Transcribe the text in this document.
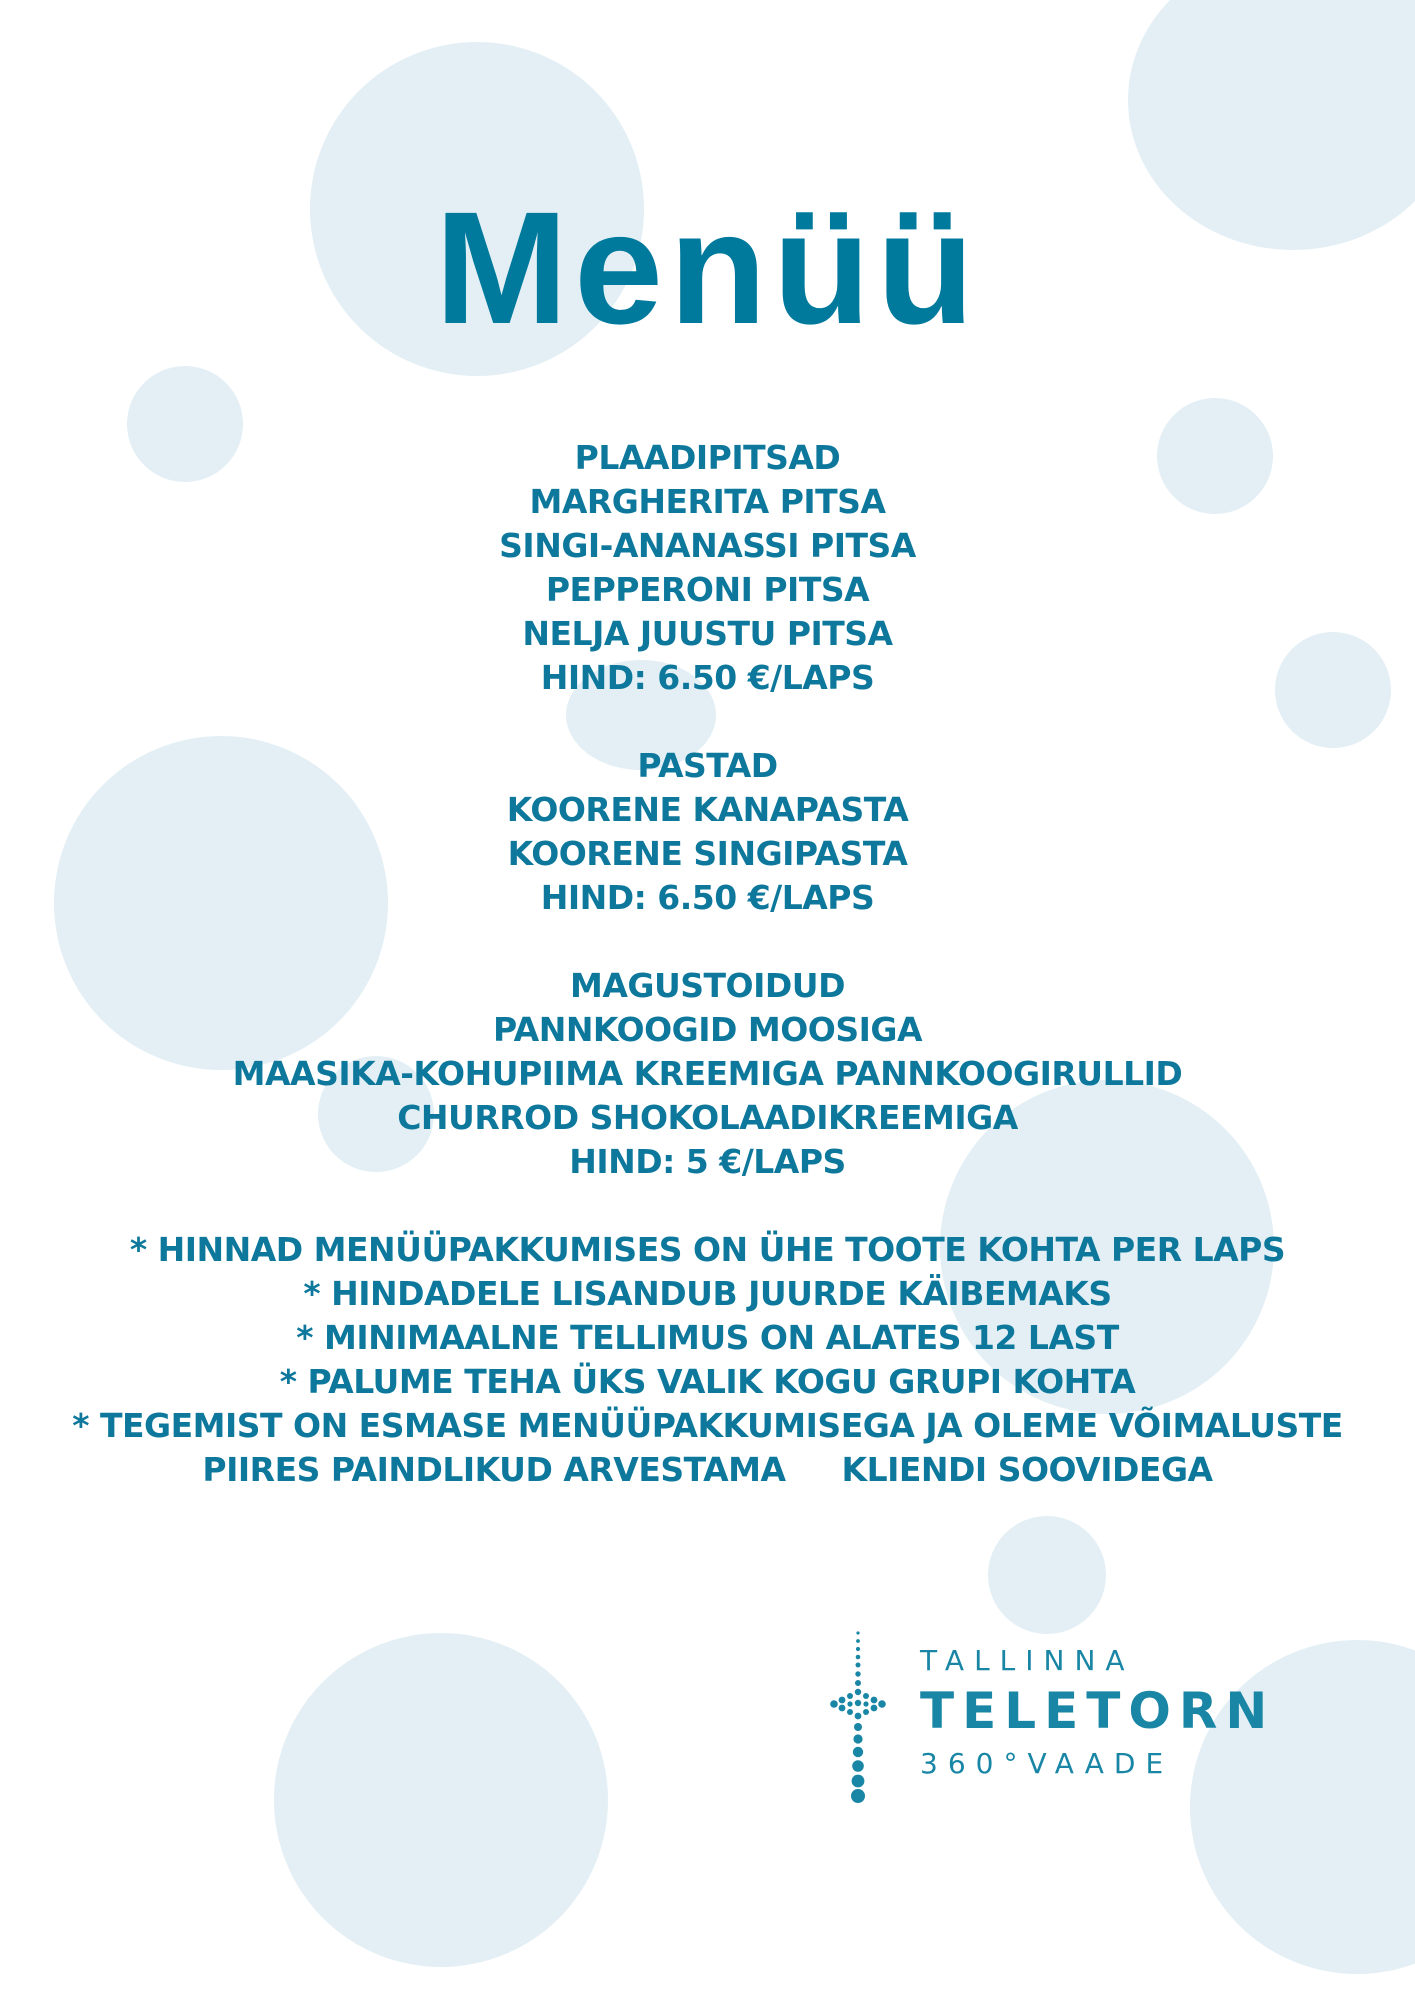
Menüü
PLAADIPITSAD
MARGHERITA PITSA
SINGI-ANANASSI PITSA
PEPPERONI PITSA
NELJA JUUSTU PITSA
HIND: 6.50 €/LAPS
PASTAD
KOORENE KANAPASTA
KOORENE SINGIPASTA
HIND: 6.50 €/LAPS
MAGUSTOIDUD
PANNKOOGID MOOSIGA
MAASIKA-KOHUPIIMA KREEMIGA PANNKOOGIRULLID
CHURROD SHOKOLAADIKREEMIGA
HIND: 5 €/LAPS
* HINNAD MENÜÜPAKKUMISES ON ÜHE TOOTE KOHTA PER LAPS
* HINDADELE LISANDUB JUURDE KÄIBEMAKS
* MINIMAALNE TELLIMUS ON ALATES 12 LAST
* PALUME TEHA ÜKS VALIK KOGU GRUPI KOHTA
* TEGEMIST ON ESMASE MENÜÜPAKKUMISEGA JA OLEME VÕIMALUSTE
PIIRES PAINDLIKUD ARVESTAMA KLIENDI SOOVIDEGA
TALLINNA
TELETORN
360°VAADE
